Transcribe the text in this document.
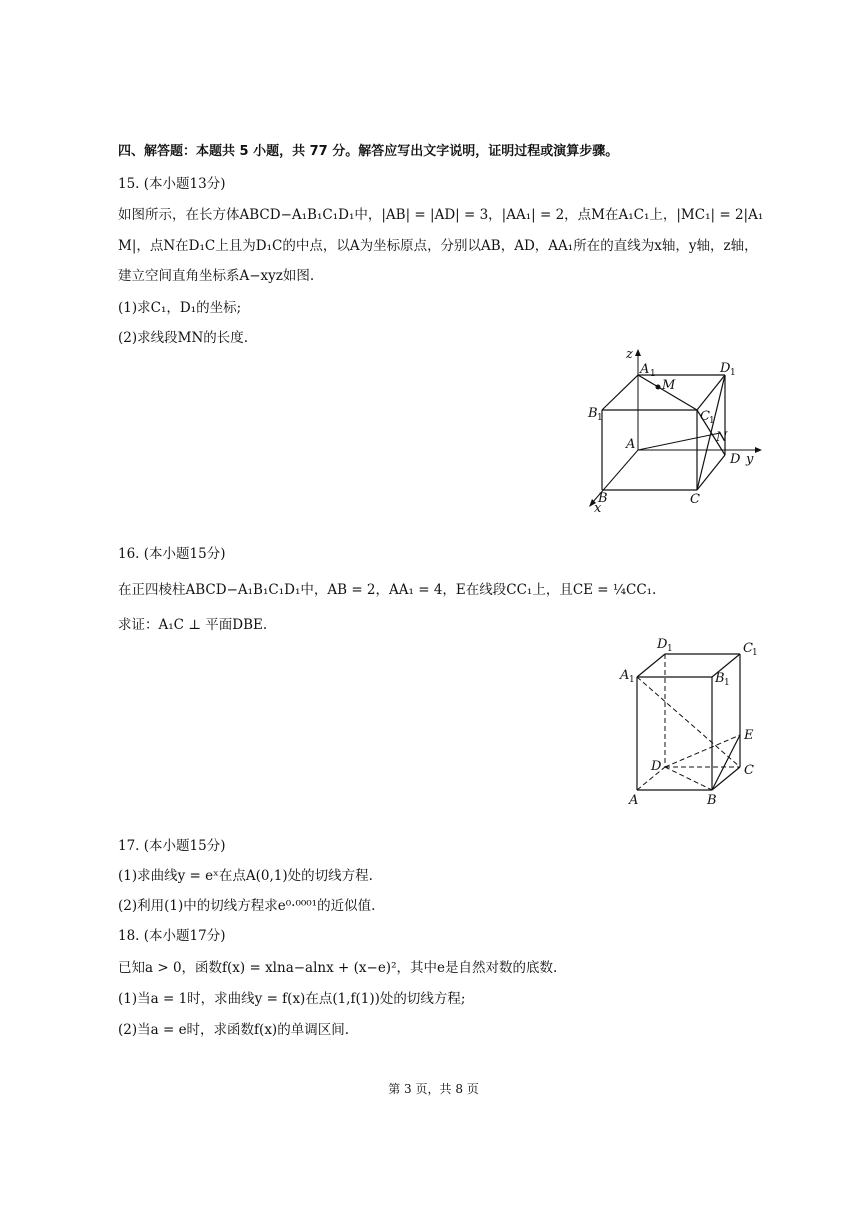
四、解答题：本题共 5 小题，共 77 分。解答应写出文字说明，证明过程或演算步骤。
15. (本小题13分)
如图所示，在长方体ABCD−A₁B₁C₁D₁中，|AB| = |AD| = 3，|AA₁| = 2，点M在A₁C₁上，|MC₁| = 2|A₁
M|，点N在D₁C上且为D₁C的中点，以A为坐标原点，分别以AB，AD，AA₁所在的直线为x轴，y轴，z轴，
建立空间直角坐标系A−xyz如图.
(1)求C₁，D₁的坐标;
(2)求线段MN的长度.
z
A 1
M
D 1
B 1	C 1
A	N
D y
B	C
x
16. (本小题15分)
在正四棱柱ABCD−A₁B₁C₁D₁中，AB = 2，AA₁ = 4，E在线段CC₁上，且CE = ¼CC₁.
求证：A₁C ⊥ 平面DBE.
D 1	C 1
A 1	B 1
E
D	C
A	B
17. (本小题15分)
(1)求曲线y = eˣ在点A(0,1)处的切线方程.
(2)利用(1)中的切线方程求e⁰·⁰⁰⁰¹的近似值.
18. (本小题17分)
已知a > 0，函数f(x) = xlna−alnx + (x−e)²，其中e是自然对数的底数.
(1)当a = 1时，求曲线y = f(x)在点(1,f(1))处的切线方程;
(2)当a = e时，求函数f(x)的单调区间.
第 3 页，共 8 页
